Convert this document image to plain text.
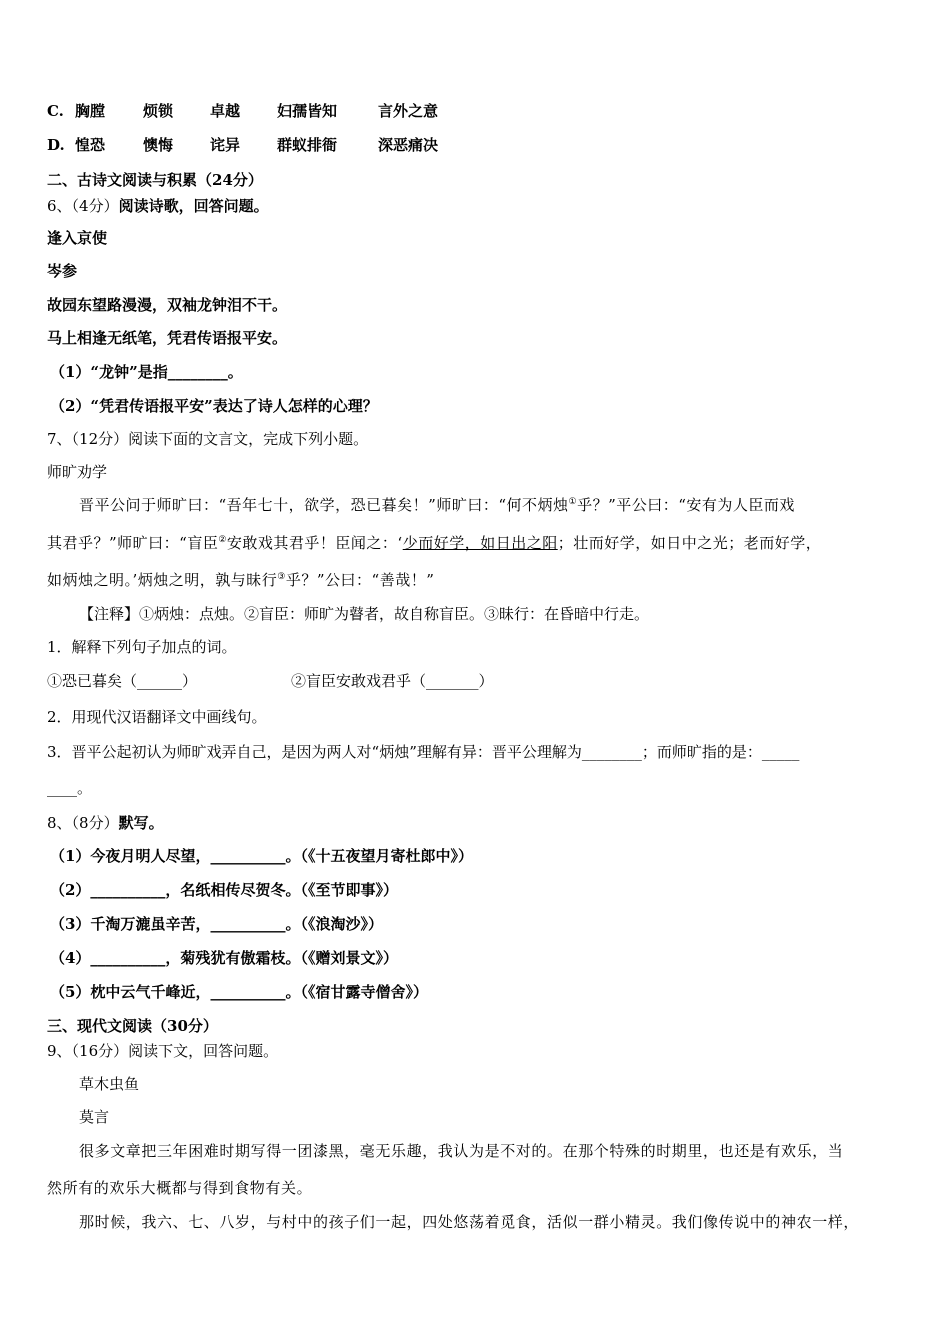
C. 胸膛	烦锁 卓越 妇孺皆知	言外之意
D. 惶恐	懊悔 诧异 群蚁排衙	深恶痛决
二、古诗文阅读与积累（24分）
6、（4分）阅读诗歌，回答问题。
逢入京使
岑参
故园东望路漫漫，双袖龙钟泪不干。
马上相逢无纸笔，凭君传语报平安。
（1）“龙钟”是指________。
（2）“凭君传语报平安”表达了诗人怎样的心理？
7、（12分）阅读下面的文言文，完成下列小题。
师旷劝学
晋平公问于师旷曰：“吾年七十，欲学，恐已暮矣！”师旷曰：“何不炳烛①乎？”平公曰：“安有为人臣而戏
其君乎？”师旷曰：“盲臣②安敢戏其君乎！臣闻之：‘少而好学，如日出之阳；壮而好学，如日中之光；老而好学，
如炳烛之明。’炳烛之明，孰与昧行③乎？”公曰：“善哉！”
【注释】①炳烛：点烛。②盲臣：师旷为瞽者，故自称盲臣。③昧行：在昏暗中行走。
1．解释下列句子加点的词。
①恐已暮矣（______）	②盲臣安敢戏君乎（_______）
2．用现代汉语翻译文中画线句。
3．晋平公起初认为师旷戏弄自己，是因为两人对“炳烛”理解有异：晋平公理解为________；而师旷指的是：_____
____。
8、（8分）默写。
（1）今夜月明人尽望，__________。（《十五夜望月寄杜郎中》）
（2）__________，名纸相传尽贺冬。（《至节即事》）
（3）千淘万漉虽辛苦，__________。（《浪淘沙》）
（4）__________，菊残犹有傲霜枝。（《赠刘景文》）
（5）枕中云气千峰近，__________。（《宿甘露寺僧舍》）
三、现代文阅读（30分）
9、（16分）阅读下文，回答问题。
草木虫鱼
莫言
很多文章把三年困难时期写得一团漆黑，毫无乐趣，我认为是不对的。在那个特殊的时期里，也还是有欢乐，当
然所有的欢乐大概都与得到食物有关。
那时候，我六、七、八岁，与村中的孩子们一起，四处悠荡着觅食，活似一群小精灵。我们像传说中的神农一样，
